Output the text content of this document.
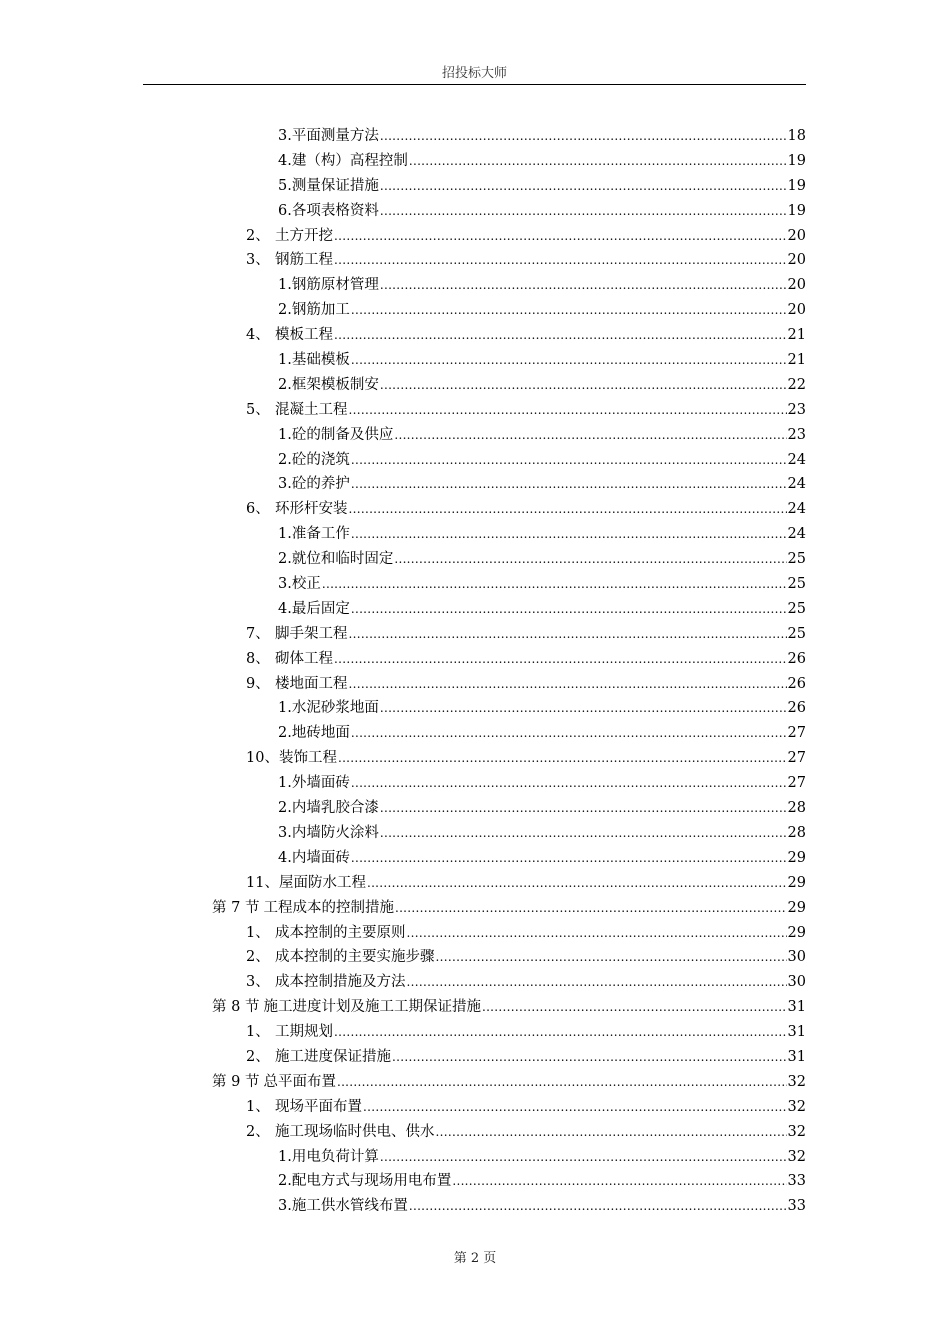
招投标大师
3. 平面测量方法 .....	18
4. 建（构）高程控制 .....	19
5. 测量保证措施 .....	19
6. 各项表格资料 .....	19
2、 土方开挖 .....	20
3、 钢筋工程 .....	20
1. 钢筋原材管理 .....	20
2. 钢筋加工 .....	20
4、 模板工程 .....	21
1. 基础模板 .....	21
2. 框架模板制安 .....	22
5、 混凝土工程 .....	23
1. 砼的制备及供应 .....	23
2. 砼的浇筑 .....	24
3. 砼的养护 .....	24
6、 环形杆安装 .....	24
1. 准备工作 .....	24
2. 就位和临时固定 .....	25
3. 校正 .....	25
4. 最后固定 .....	25
7、 脚手架工程 .....	25
8、 砌体工程 .....	26
9、 楼地面工程 .....	26
1. 水泥砂浆地面 .....	26
2. 地砖地面 .....	27
10、 装饰工程 .....	27
1. 外墙面砖 .....	27
2. 内墙乳胶合漆 .....	28
3. 内墙防火涂料 .....	28
4. 内墙面砖 .....	29
11、 屋面防水工程 .....	29
第 7 节 工程成本的控制措施 .....	29
1、 成本控制的主要原则 .....	29
2、 成本控制的主要实施步骤 .....	30
3、 成本控制措施及方法 .....	30
第 8 节 施工进度计划及施工工期保证措施 .....	31
1、 工期规划 .....	31
2、 施工进度保证措施 .....	31
第 9 节 总平面布置 .....	32
1、 现场平面布置 .....	32
2、 施工现场临时供电、供水 .....	32
1. 用电负荷计算 .....	32
2. 配电方式与现场用电布置 .....	33
3. 施工供水管线布置 .....	33
第 2 页
